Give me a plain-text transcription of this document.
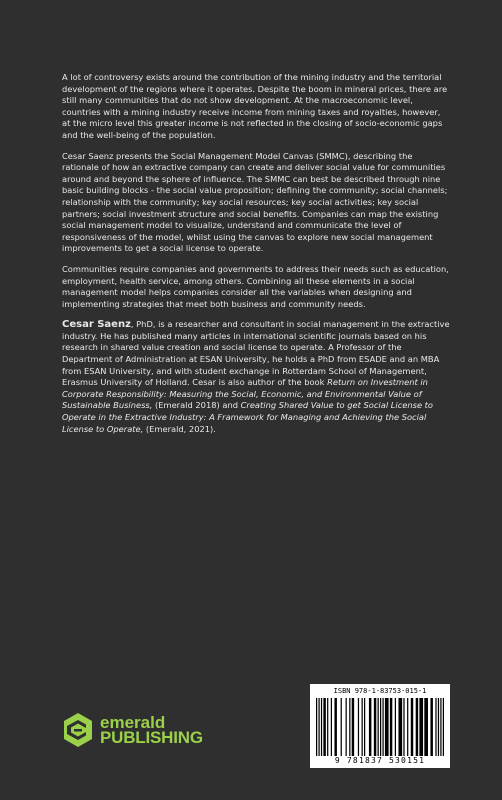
A lot of controversy exists around the contribution of the mining industry and the territorial development of the regions where it operates. Despite the boom in mineral prices, there are still many communities that do not show development. At the macroeconomic level, countries with a mining industry receive income from mining taxes and royalties, however, at the micro level this greater income is not reflected in the closing of socio-economic gaps and the well-being of the population.

Cesar Saenz presents the Social Management Model Canvas (SMMC), describing the rationale of how an extractive company can create and deliver social value for communities around and beyond the sphere of influence. The SMMC can best be described through nine basic building blocks - the social value proposition; defining the community; social channels; relationship with the community; key social resources; key social activities; key social partners; social investment structure and social benefits. Companies can map the existing social management model to visualize, understand and communicate the level of responsiveness of the model, whilst using the canvas to explore new social management improvements to get a social license to operate.

Communities require companies and governments to address their needs such as education, employment, health service, among others. Combining all these elements in a social management model helps companies consider all the variables when designing and implementing strategies that meet both business and community needs.

Cesar Saenz, PhD, is a researcher and consultant in social management in the extractive industry. He has published many articles in international scientific journals based on his research in shared value creation and social license to operate. A Professor of the Department of Administration at ESAN University, he holds a PhD from ESADE and an MBA from ESAN University, and with student exchange in Rotterdam School of Management, Erasmus University of Holland. Cesar is also author of the book Return on Investment in Corporate Responsibility: Measuring the Social, Economic, and Environmental Value of Sustainable Business, (Emerald 2018) and Creating Shared Value to get Social License to Operate in the Extractive Industry: A Framework for Managing and Achieving the Social License to Operate, (Emerald, 2021).

emerald
PUBLISHING
ISBN 978-1-83753-015-1
9 781837 530151
